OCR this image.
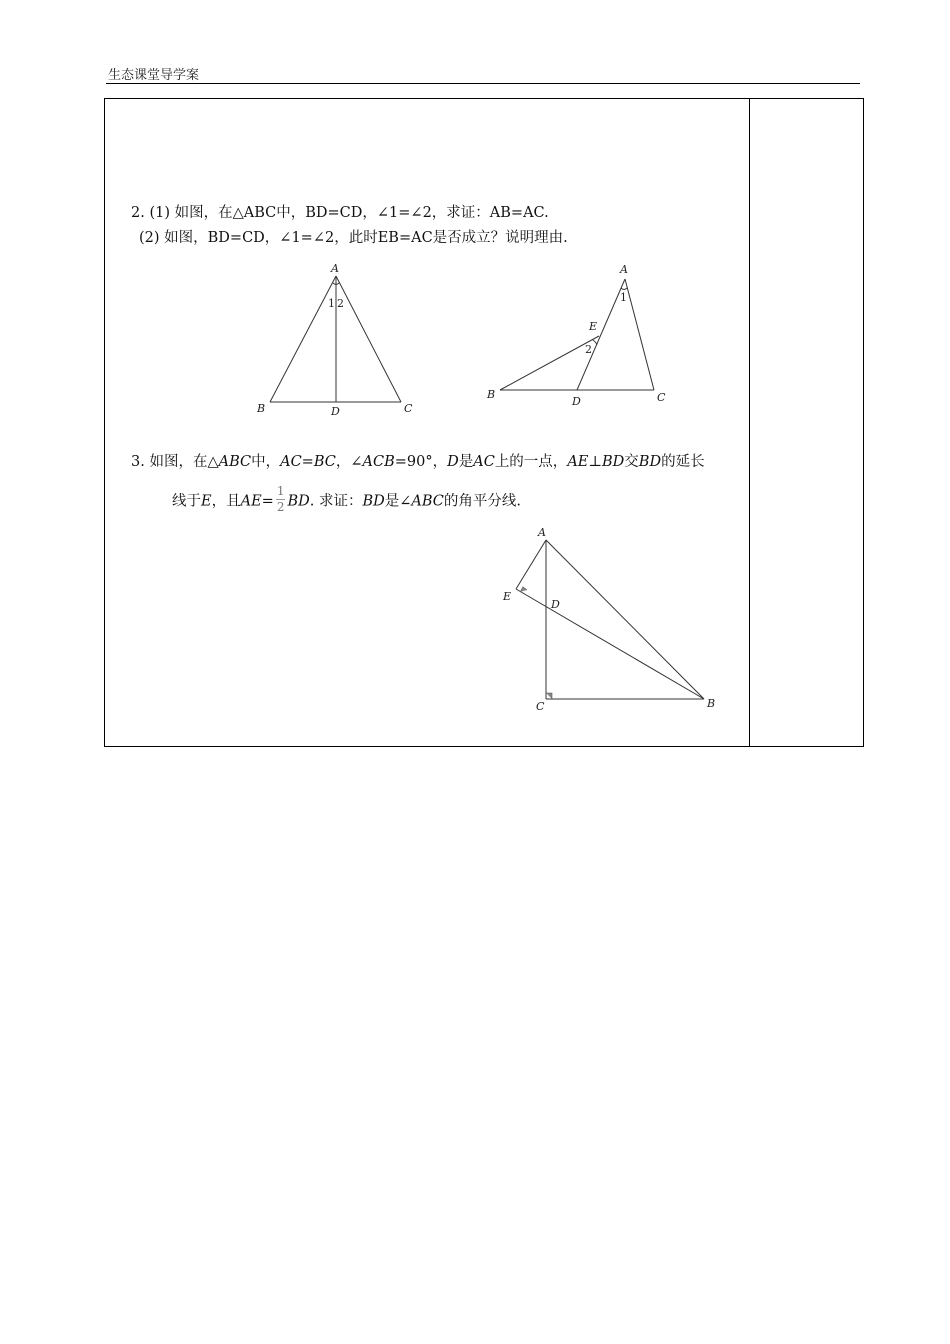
生态课堂导学案
2. (1) 如图，在△ABC中，BD=CD，∠1=∠2，求证：AB=AC.
(2) 如图，BD=CD，∠1=∠2，此时EB=AC是否成立？说明理由.
A
B	C
D
1 2
A
B	C
D
E
1
2
3. 如图，在△ABC中，AC=BC，∠ACB=90°，D是AC上的一点，AE⊥BD交BD的延长
线于E，且$AE= \frac{1}{2}$ BD. 求证：BD是∠ABC的角平分线.
A
B
C
D
E
